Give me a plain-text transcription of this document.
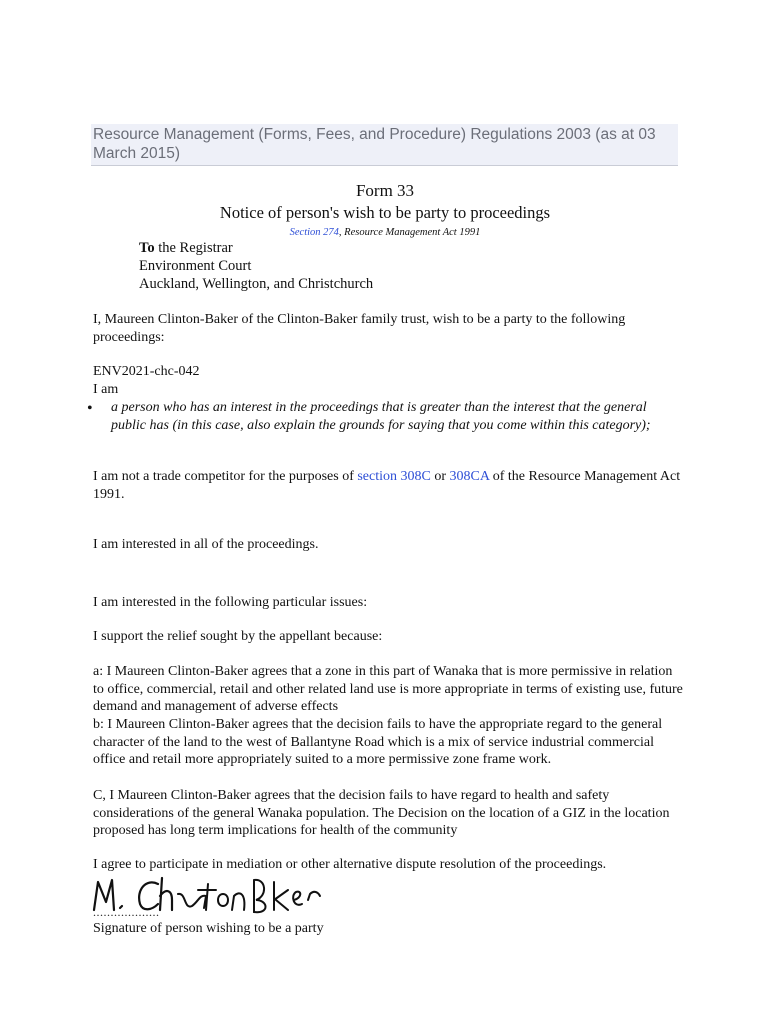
Resource Management (Forms, Fees, and Procedure) Regulations 2003 (as at 03 March 2015)
Form 33
Notice of person's wish to be party to proceedings
Section 274, Resource Management Act 1991
To the Registrar
Environment Court
Auckland, Wellington, and Christchurch
I, Maureen Clinton-Baker of the Clinton-Baker family trust, wish to be a party to the following proceedings:
ENV2021-chc-042
I am
• a person who has an interest in the proceedings that is greater than the interest that the general public has (in this case, also explain the grounds for saying that you come within this category);
I am not a trade competitor for the purposes of section 308C or 308CA of the Resource Management Act 1991.
I am interested in all of the proceedings.
I am interested in the following particular issues:
I support the relief sought by the appellant because:
a: I Maureen Clinton-Baker agrees that a zone in this part of Wanaka that is more permissive in relation to office, commercial, retail and other related land use is more appropriate in terms of existing use, future demand and management of adverse effects
b: I Maureen Clinton-Baker agrees that the decision fails to have the appropriate regard to the general character of the land to the west of Ballantyne Road which is a mix of service industrial commercial office and retail more appropriately suited to a more permissive zone frame work.
C, I Maureen Clinton-Baker agrees that the decision fails to have regard to health and safety considerations of the general Wanaka population. The Decision on the location of a GIZ in the location proposed has long term implications for health of the community
I agree to participate in mediation or other alternative dispute resolution of the proceedings.
...................
Signature of person wishing to be a party
